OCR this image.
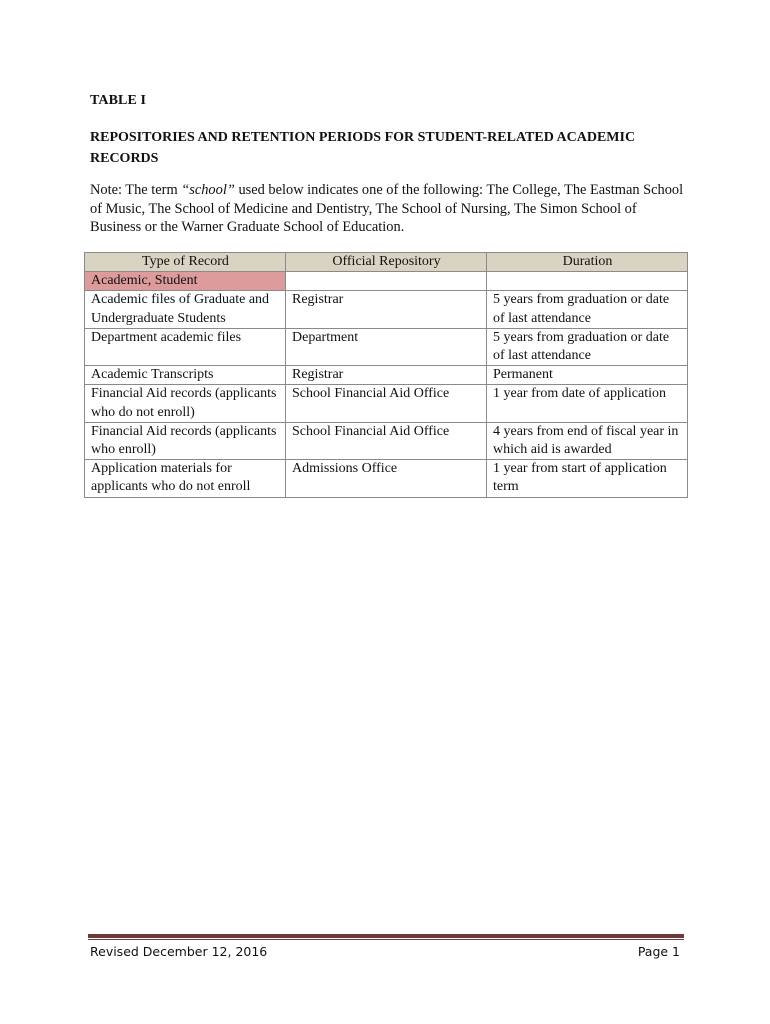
TABLE I
REPOSITORIES AND RETENTION PERIODS FOR STUDENT-RELATED ACADEMIC RECORDS

Note: The term “school” used below indicates one of the following: The College, The Eastman School of Music, The School of Medicine and Dentistry, The School of Nursing, The Simon School of Business or the Warner Graduate School of Education.

Type of Record	Official Repository	Duration
Academic, Student		
Academic files of Graduate and Undergraduate Students	Registrar	5 years from graduation or date of last attendance
Department academic files	Department	5 years from graduation or date of last attendance
Academic Transcripts	Registrar	Permanent
Financial Aid records (applicants who do not enroll)	School Financial Aid Office	1 year from date of application
Financial Aid records (applicants who enroll)	School Financial Aid Office	4 years from end of fiscal year in which aid is awarded
Application materials for applicants who do not enroll	Admissions Office	1 year from start of application term
Revised December 12, 2016	Page 1
